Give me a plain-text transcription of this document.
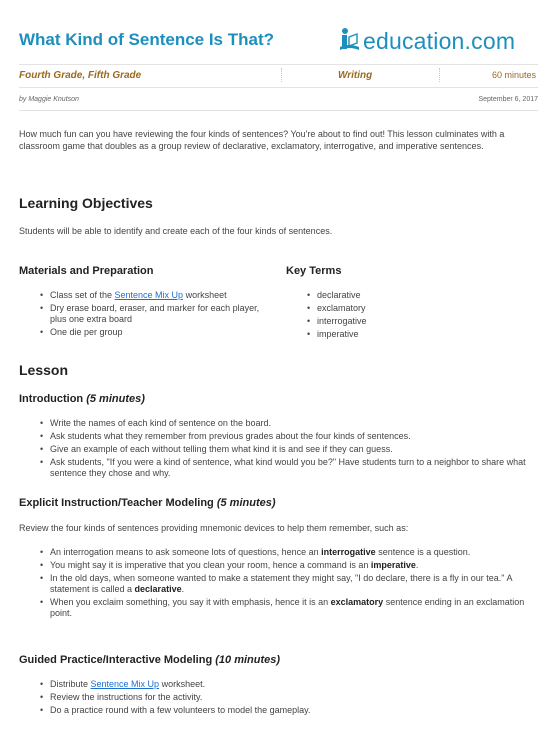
What Kind of Sentence Is That?	education.com
Fourth Grade, Fifth Grade	Writing	60 minutes
by Maggie Knutson	September 6, 2017

How much fun can you have reviewing the four kinds of sentences? You're about to find out! This lesson culminates with a classroom game that doubles as a group review of declarative, exclamatory, interrogative, and imperative sentences.

Learning Objectives

Students will be able to identify and create each of the four kinds of sentences.

Materials and Preparation
• Class set of the Sentence Mix Up worksheet
• Dry erase board, eraser, and marker for each player, plus one extra board
• One die per group
Key Terms
• declarative
• exclamatory
• interrogative
• imperative
Lesson
Introduction (5 minutes)
• Write the names of each kind of sentence on the board.
• Ask students what they remember from previous grades about the four kinds of sentences.
• Give an example of each without telling them what kind it is and see if they can guess.
• Ask students, "If you were a kind of sentence, what kind would you be?" Have students turn to a neighbor to share what sentence they chose and why.
Explicit Instruction/Teacher Modeling (5 minutes)

Review the four kinds of sentences providing mnemonic devices to help them remember, such as:

• An interrogation means to ask someone lots of questions, hence an interrogative sentence is a question.
• You might say it is imperative that you clean your room, hence a command is an imperative.
• In the old days, when someone wanted to make a statement they might say, "I do declare, there is a fly in our tea." A statement is called a declarative.
• When you exclaim something, you say it with emphasis, hence it is an exclamatory sentence ending in an exclamation point.
Guided Practice/Interactive Modeling (10 minutes)
• Distribute Sentence Mix Up worksheet.
• Review the instructions for the activity.
• Do a practice round with a few volunteers to model the gameplay.
